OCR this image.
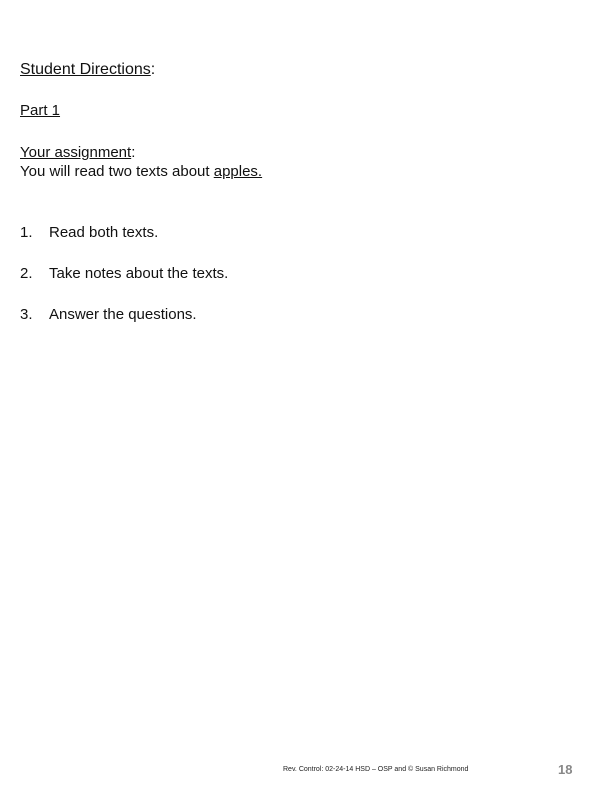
Student Directions:
Part 1
Your assignment:
You will read two texts about apples.
1. Read both texts.
2. Take notes about the texts.
3. Answer the questions.
Rev. Control: 02-24-14 HSD – OSP and © Susan Richmond	18
